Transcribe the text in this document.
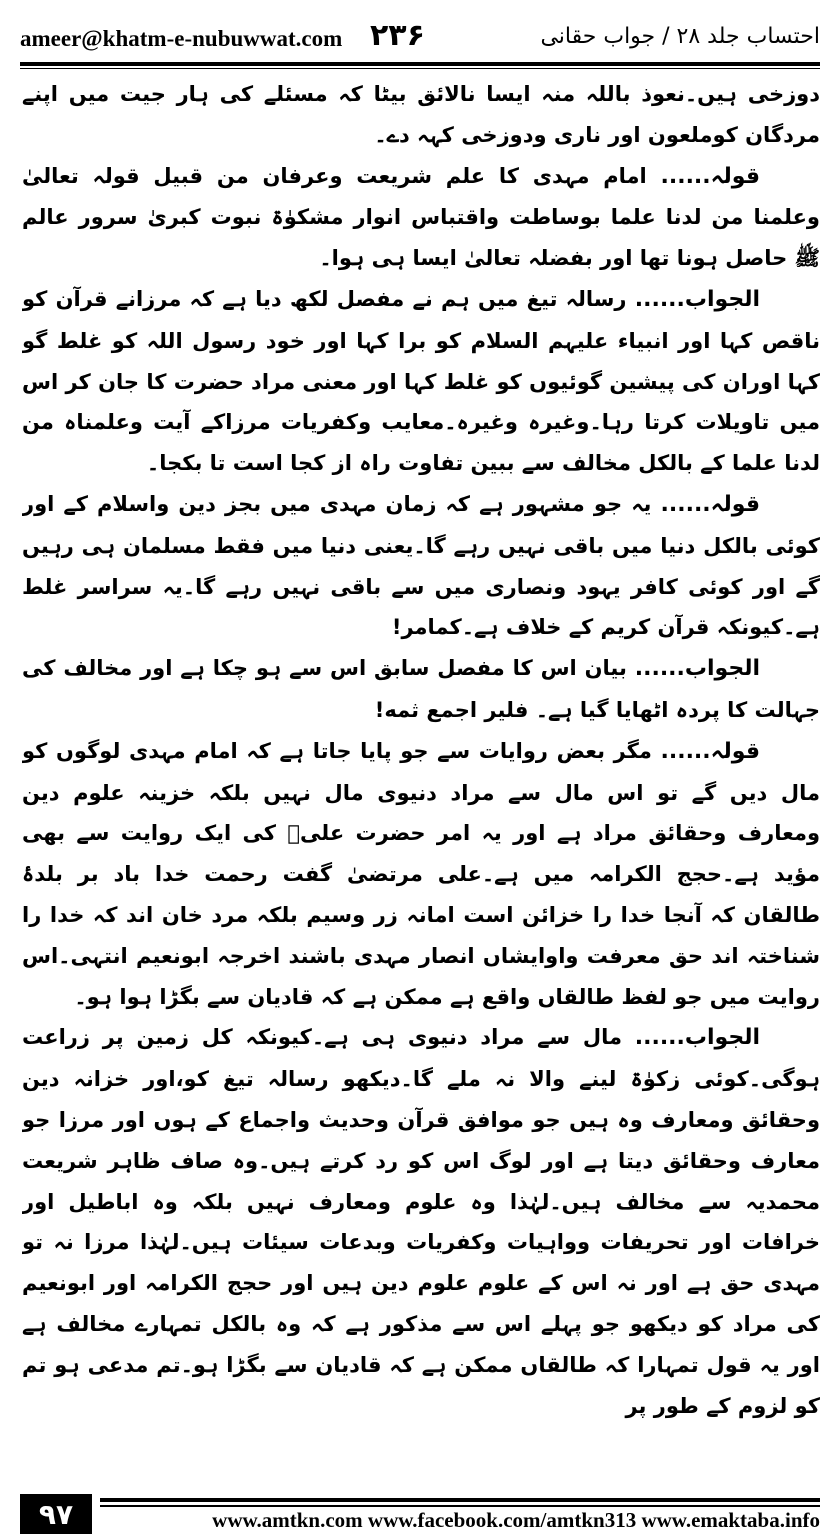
ameer@khatm-e-nubuwwat.com ۲۳۶	احتساب جلد ۲۸ / جواب حقانی

دوزخی ہیں۔نعوذ باللہ منہ ایسا نالائق بیٹا کہ مسئلے کی ہار جیت میں اپنے مردگان کوملعون اور ناری ودوزخی کہہ دے۔

قولہ...... امام مہدی کا علم شریعت وعرفان من قبیل قولہ تعالیٰ وعلمنا من لدنا علما بوساطت واقتباس انوار مشکوٰۃ نبوت کبریٰ سرور عالم ﷺ حاصل ہونا تھا اور بفضلہ تعالیٰ ایسا ہی ہوا۔

الجواب...... رسالہ تیغ میں ہم نے مفصل لکھ دیا ہے کہ مرزانے قرآن کو ناقص کہا اور انبیاء علیہم السلام کو برا کہا اور خود رسول اللہ کو غلط گو کہا اوران کی پیشین گوئیوں کو غلط کہا اور معنی مراد حضرت کا جان کر اس میں تاویلات کرتا رہا۔وغیرہ وغیرہ۔معایب وکفریات مرزاکے آیت وعلمناہ من لدنا علما کے بالکل مخالف سے ببین تفاوت راہ از کجا است تا بکجا۔

قولہ...... یہ جو مشہور ہے کہ زمان مہدی میں بجز دین واسلام کے اور کوئی بالکل دنیا میں باقی نہیں رہے گا۔یعنی دنیا میں فقط مسلمان ہی رہیں گے اور کوئی کافر یہود ونصاری میں سے باقی نہیں رہے گا۔یہ سراسر غلط ہے۔کیونکہ قرآن کریم کے خلاف ہے۔کمامر!

الجواب...... بیان اس کا مفصل سابق اس سے ہو چکا ہے اور مخالف کی جہالت کا پردہ اٹھایا گیا ہے۔ فلیر اجمع ثمه!

قولہ...... مگر بعض روایات سے جو پایا جاتا ہے کہ امام مہدی لوگوں کو مال دیں گے تو اس مال سے مراد دنیوی مال نہیں بلکہ خزینہ علوم دین ومعارف وحقائق مراد ہے اور یہ امر حضرت علیؓ کی ایک روایت سے بھی مؤید ہے۔حجج الکرامہ میں ہے۔علی مرتضیٰ گفت رحمت خدا باد بر بلدۂ طالقان کہ آنجا خدا را خزائن است امانہ زر وسیم بلکہ مرد خان اند کہ خدا را شناختہ اند حق معرفت واوایشاں انصار مہدی باشند اخرجہ ابونعیم انتہی۔اس روایت میں جو لفظ طالقاں واقع ہے ممکن ہے کہ قادیان سے بگڑا ہوا ہو۔

الجواب...... مال سے مراد دنیوی ہی ہے۔کیونکہ کل زمین پر زراعت ہوگی۔کوئی زکوٰۃ لینے والا نہ ملے گا۔دیکھو رسالہ تیغ کو،اور خزانہ دین وحقائق ومعارف وہ ہیں جو موافق قرآن وحدیث واجماع کے ہوں اور مرزا جو معارف وحقائق دیتا ہے اور لوگ اس کو رد کرتے ہیں۔وہ صاف ظاہر شریعت محمدیہ سے مخالف ہیں۔لہٰذا وہ علوم ومعارف نہیں بلکہ وہ اباطیل اور خرافات اور تحریفات وواہیات وکفریات وبدعات سیئات ہیں۔لہٰذا مرزا نہ تو مہدی حق ہے اور نہ اس کے علوم علوم دین ہیں اور حجج الکرامہ اور ابونعیم کی مراد کو دیکھو جو پہلے اس سے مذکور ہے کہ وہ بالکل تمہارے مخالف ہے اور یہ قول تمہارا کہ طالقاں ممکن ہے کہ قادیان سے بگڑا ہو۔تم مدعی ہو تم کو لزوم کے طور پر

۹۷	www.amtkn.com www.facebook.com/amtkn313 www.emaktaba.info
